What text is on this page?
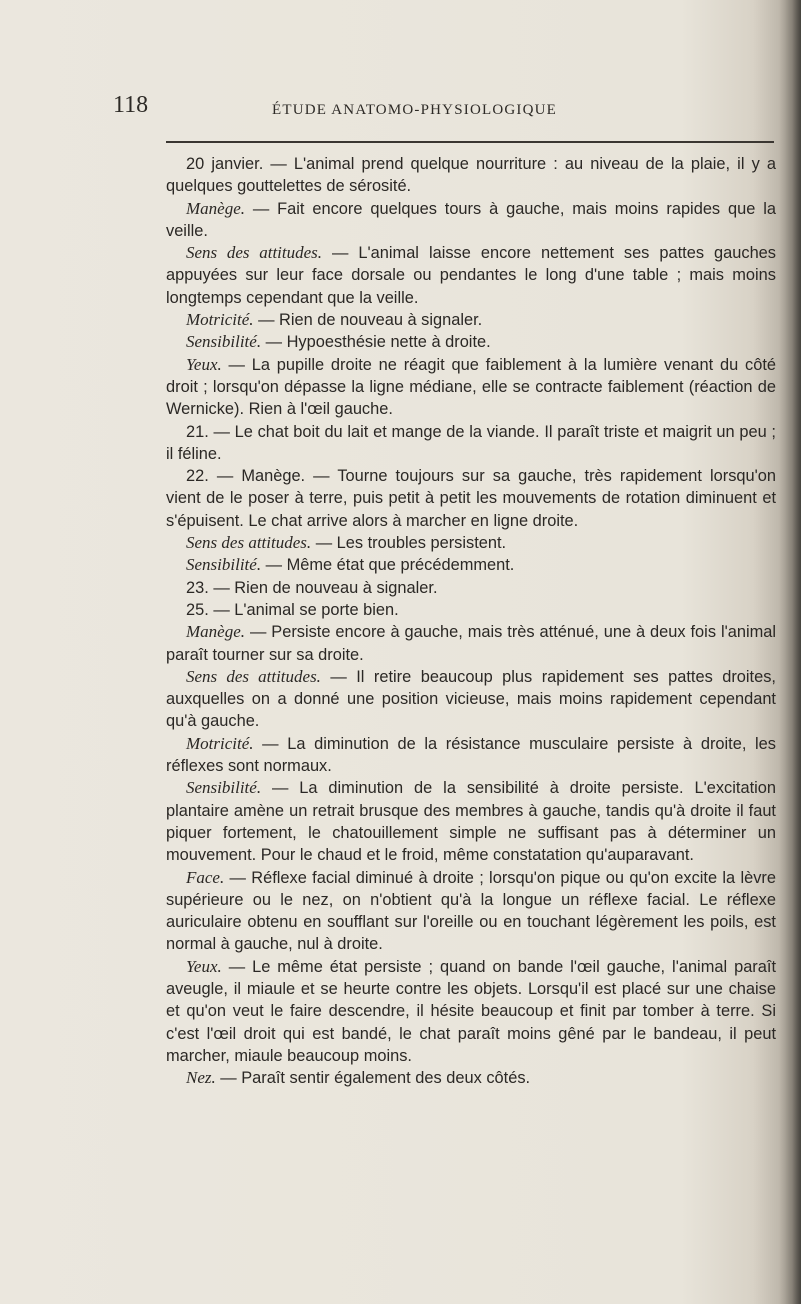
118	ÉTUDE ANATOMO-PHYSIOLOGIQUE

20 janvier. — L'animal prend quelque nourriture : au niveau de la plaie, il y a quelques gouttelettes de sérosité.

Manège. — Fait encore quelques tours à gauche, mais moins rapides que la veille.

Sens des attitudes. — L'animal laisse encore nettement ses pattes gauches appuyées sur leur face dorsale ou pendantes le long d'une table ; mais moins longtemps cependant que la veille.

Motricité. — Rien de nouveau à signaler.

Sensibilité. — Hypoesthésie nette à droite.

Yeux. — La pupille droite ne réagit que faiblement à la lumière venant du côté droit ; lorsqu'on dépasse la ligne médiane, elle se contracte faiblement (réaction de Wernicke). Rien à l'œil gauche.

21. — Le chat boit du lait et mange de la viande. Il paraît triste et maigrit un peu ; il féline.

22. — Manège. — Tourne toujours sur sa gauche, très rapidement lorsqu'on vient de le poser à terre, puis petit à petit les mouvements de rotation diminuent et s'épuisent. Le chat arrive alors à marcher en ligne droite.

Sens des attitudes. — Les troubles persistent.

Sensibilité. — Même état que précédemment.

23. — Rien de nouveau à signaler.

25. — L'animal se porte bien.

Manège. — Persiste encore à gauche, mais très atténué, une à deux fois l'animal paraît tourner sur sa droite.

Sens des attitudes. — Il retire beaucoup plus rapidement ses pattes droites, auxquelles on a donné une position vicieuse, mais moins rapidement cependant qu'à gauche.

Motricité. — La diminution de la résistance musculaire persiste à droite, les réflexes sont normaux.

Sensibilité. — La diminution de la sensibilité à droite persiste. L'excitation plantaire amène un retrait brusque des membres à gauche, tandis qu'à droite il faut piquer fortement, le chatouillement simple ne suffisant pas à déterminer un mouvement. Pour le chaud et le froid, même constatation qu'auparavant.

Face. — Réflexe facial diminué à droite ; lorsqu'on pique ou qu'on excite la lèvre supérieure ou le nez, on n'obtient qu'à la longue un réflexe facial. Le réflexe auriculaire obtenu en soufflant sur l'oreille ou en touchant légèrement les poils, est normal à gauche, nul à droite.

Yeux. — Le même état persiste ; quand on bande l'œil gauche, l'animal paraît aveugle, il miaule et se heurte contre les objets. Lorsqu'il est placé sur une chaise et qu'on veut le faire descendre, il hésite beaucoup et finit par tomber à terre. Si c'est l'œil droit qui est bandé, le chat paraît moins gêné par le bandeau, il peut marcher, miaule beaucoup moins.

Nez. — Paraît sentir également des deux côtés.
